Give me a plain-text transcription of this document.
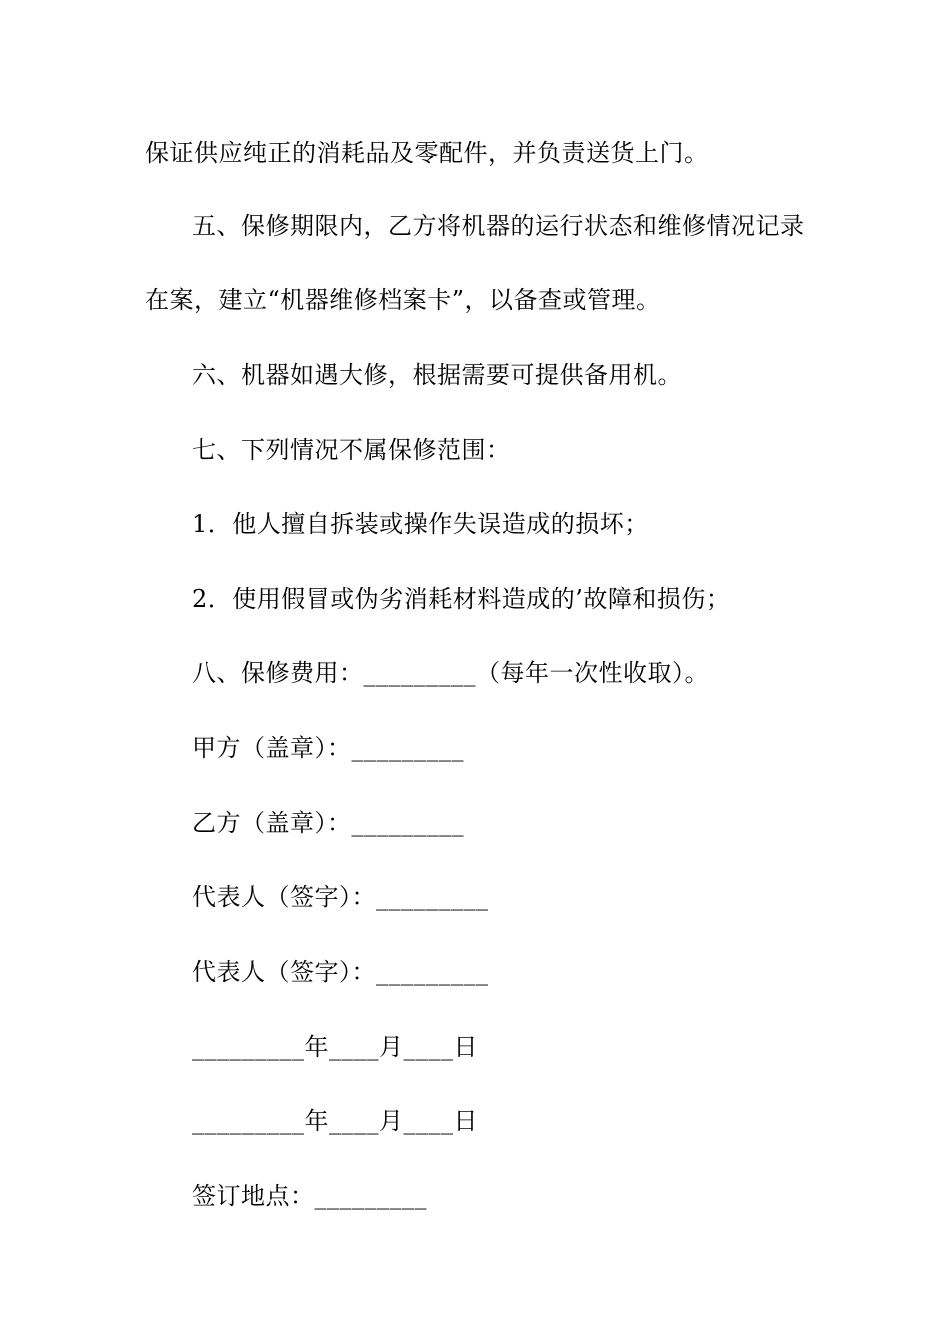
保证供应纯正的消耗品及零配件，并负责送货上门。
五、保修期限内，乙方将机器的运行状态和维修情况记录
在案，建立“机器维修档案卡”，以备查或管理。
六、机器如遇大修，根据需要可提供备用机。
七、下列情况不属保修范围：
1．他人擅自拆装或操作失误造成的损坏；
2．使用假冒或伪劣消耗材料造成的’故障和损伤；
八、保修费用：_________（每年一次性收取）。
甲方（盖章）：_________
乙方（盖章）：_________
代表人（签字）：_________
代表人（签字）：_________
_________年____月____日
_________年____月____日
签订地点：_________
